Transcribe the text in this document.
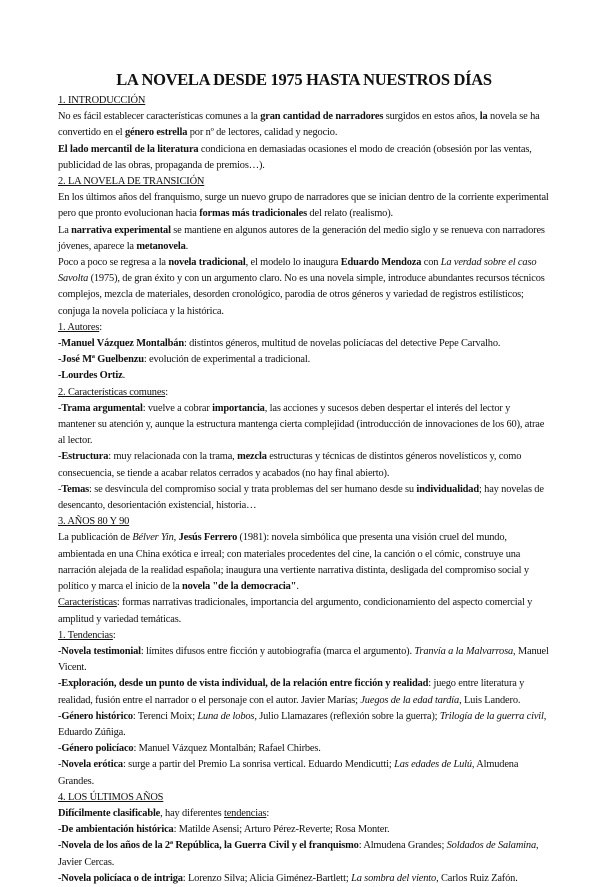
LA NOVELA DESDE 1975 HASTA NUESTROS DÍAS

1. INTRODUCCIÓN

No es fácil establecer características comunes a la gran cantidad de narradores surgidos en estos años, la novela se ha convertido en el género estrella por nº de lectores, calidad y negocio.

El lado mercantil de la literatura condiciona en demasiadas ocasiones el modo de creación (obsesión por las ventas, publicidad de las obras, propaganda de premios…).

2. LA NOVELA DE TRANSICIÓN

En los últimos años del franquismo, surge un nuevo grupo de narradores que se inician dentro de la corriente experimental pero que pronto evolucionan hacia formas más tradicionales del relato (realismo).

La narrativa experimental se mantiene en algunos autores de la generación del medio siglo y se renueva con narradores jóvenes, aparece la metanovela.

Poco a poco se regresa a la novela tradicional, el modelo lo inaugura Eduardo Mendoza con La verdad sobre el caso Savolta (1975), de gran éxito y con un argumento claro. No es una novela simple, introduce abundantes recursos técnicos complejos, mezcla de materiales, desorden cronológico, parodia de otros géneros y variedad de registros estilísticos; conjuga la novela policíaca y la histórica.

1. Autores:

-Manuel Vázquez Montalbán: distintos géneros, multitud de novelas policíacas del detective Pepe Carvalho.

-José Mª Guelbenzu: evolución de experimental a tradicional.

-Lourdes Ortiz.

2. Características comunes:

-Trama argumental: vuelve a cobrar importancia, las acciones y sucesos deben despertar el interés del lector y mantener su atención y, aunque la estructura mantenga cierta complejidad (introducción de innovaciones de los 60), atrae al lector.

-Estructura: muy relacionada con la trama, mezcla estructuras y técnicas de distintos géneros novelísticos y, como consecuencia, se tiende a acabar relatos cerrados y acabados (no hay final abierto).

-Temas: se desvincula del compromiso social y trata problemas del ser humano desde su individualidad; hay novelas de desencanto, desorientación existencial, historia…

3. AÑOS 80 Y 90

La publicación de Bélver Yin, Jesús Ferrero (1981): novela simbólica que presenta una visión cruel del mundo, ambientada en una China exótica e irreal; con materiales procedentes del cine, la canción o el cómic, construye una narración alejada de la realidad española; inaugura una vertiente narrativa distinta, desligada del compromiso social y político y marca el inicio de la novela "de la democracia".

Características: formas narrativas tradicionales, importancia del argumento, condicionamiento del aspecto comercial y amplitud y variedad temáticas.

1. Tendencias:

-Novela testimonial: límites difusos entre ficción y autobiografía (marca el argumento). Tranvía a la Malvarrosa, Manuel Vicent.

-Exploración, desde un punto de vista individual, de la relación entre ficción y realidad: juego entre literatura y realidad, fusión entre el narrador o el personaje con el autor. Javier Marías; Juegos de la edad tardía, Luis Landero.

-Género histórico: Terenci Moix; Luna de lobos, Julio Llamazares (reflexión sobre la guerra); Trilogía de la guerra civil, Eduardo Zúñiga.

-Género policíaco: Manuel Vázquez Montalbán; Rafael Chirbes.

-Novela erótica: surge a partir del Premio La sonrisa vertical. Eduardo Mendicutti; Las edades de Lulú, Almudena Grandes.

4. LOS ÚLTIMOS AÑOS

Difícilmente clasificable, hay diferentes tendencias:

-De ambientación histórica: Matilde Asensi; Arturo Pérez-Reverte; Rosa Monter.

-Novela de los años de la 2ª República, la Guerra Civil y el franquismo: Almudena Grandes; Soldados de Salamina, Javier Cercas.

-Novela policíaca o de intriga: Lorenzo Silva; Alicia Giménez-Bartlett; La sombra del viento, Carlos Ruiz Zafón.
